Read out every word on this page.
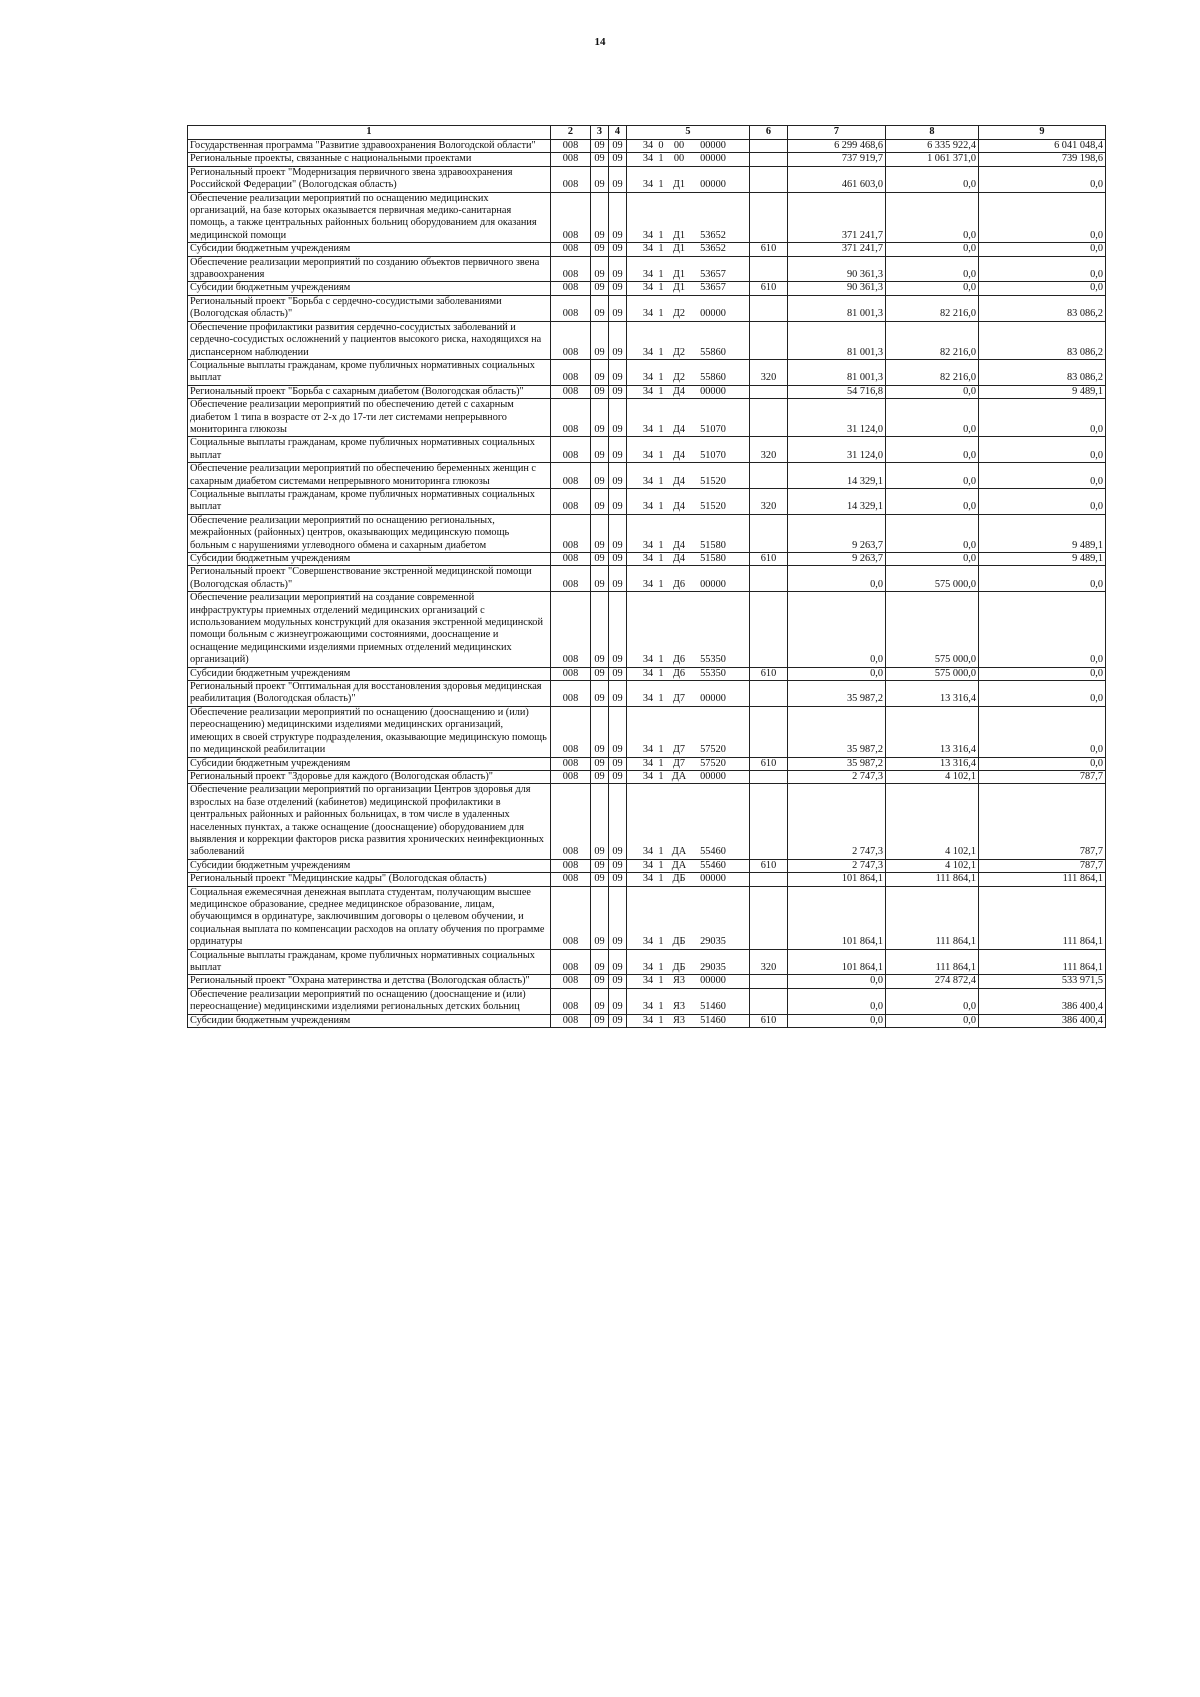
14
1	2	3	4	5	6	7	8	9
Государственная программа "Развитие здравоохранения Вологодской области"	008	09	09	34 0 00 00000		6 299 468,6	6 335 922,4	6 041 048,4
Региональные проекты, связанные с национальными проектами	008	09	09	34 1 00 00000		737 919,7	1 061 371,0	739 198,6
Региональный проект "Модернизация первичного звена здравоохранения Российской Федерации" (Вологодская область)	008	09	09	34 1 Д1 00000		461 603,0	0,0	0,0
Обеспечение реализации мероприятий по оснащению медицинских организаций, на базе которых оказывается первичная медико-санитарная помощь, а также центральных районных больниц оборудованием для оказания медицинской помощи	008	09	09	34 1 Д1 53652		371 241,7	0,0	0,0
Субсидии бюджетным учреждениям	008	09	09	34 1 Д1 53652	610	371 241,7	0,0	0,0
Обеспечение реализации мероприятий по созданию объектов первичного звена здравоохранения	008	09	09	34 1 Д1 53657		90 361,3	0,0	0,0
Субсидии бюджетным учреждениям	008	09	09	34 1 Д1 53657	610	90 361,3	0,0	0,0
Региональный проект "Борьба с сердечно-сосудистыми заболеваниями (Вологодская область)"	008	09	09	34 1 Д2 00000		81 001,3	82 216,0	83 086,2
Обеспечение профилактики развития сердечно-сосудистых заболеваний и сердечно-сосудистых осложнений у пациентов высокого риска, находящихся на диспансерном наблюдении	008	09	09	34 1 Д2 55860		81 001,3	82 216,0	83 086,2
Социальные выплаты гражданам, кроме публичных нормативных социальных выплат	008	09	09	34 1 Д2 55860	320	81 001,3	82 216,0	83 086,2
Региональный проект "Борьба с сахарным диабетом (Вологодская область)"	008	09	09	34 1 Д4 00000		54 716,8	0,0	9 489,1
Обеспечение реализации мероприятий по обеспечению детей с сахарным диабетом 1 типа в возрасте от 2-х до 17-ти лет системами непрерывного мониторинга глюкозы	008	09	09	34 1 Д4 51070		31 124,0	0,0	0,0
Социальные выплаты гражданам, кроме публичных нормативных социальных выплат	008	09	09	34 1 Д4 51070	320	31 124,0	0,0	0,0
Обеспечение реализации мероприятий по обеспечению беременных женщин с сахарным диабетом системами непрерывного мониторинга глюкозы	008	09	09	34 1 Д4 51520		14 329,1	0,0	0,0
Социальные выплаты гражданам, кроме публичных нормативных социальных выплат	008	09	09	34 1 Д4 51520	320	14 329,1	0,0	0,0
Обеспечение реализации мероприятий по оснащению региональных, межрайонных (районных) центров, оказывающих медицинскую помощь больным с нарушениями углеводного обмена и сахарным диабетом	008	09	09	34 1 Д4 51580		9 263,7	0,0	9 489,1
Субсидии бюджетным учреждениям	008	09	09	34 1 Д4 51580	610	9 263,7	0,0	9 489,1
Региональный проект "Совершенствование экстренной медицинской помощи (Вологодская область)"	008	09	09	34 1 Д6 00000		0,0	575 000,0	0,0
Обеспечение реализации мероприятий на создание современной инфраструктуры приемных отделений медицинских организаций с использованием модульных конструкций для оказания экстренной медицинской помощи больным с жизнеугрожающими состояниями, дооснащение и оснащение медицинскими изделиями приемных отделений медицинских организаций)	008	09	09	34 1 Д6 55350		0,0	575 000,0	0,0
Субсидии бюджетным учреждениям	008	09	09	34 1 Д6 55350	610	0,0	575 000,0	0,0
Региональный проект "Оптимальная для восстановления здоровья медицинская реабилитация (Вологодская область)"	008	09	09	34 1 Д7 00000		35 987,2	13 316,4	0,0
Обеспечение реализации мероприятий по оснащению (дооснащению и (или) переоснащению) медицинскими изделиями медицинских организаций, имеющих в своей структуре подразделения, оказывающие медицинскую помощь по медицинской реабилитации	008	09	09	34 1 Д7 57520		35 987,2	13 316,4	0,0
Субсидии бюджетным учреждениям	008	09	09	34 1 Д7 57520	610	35 987,2	13 316,4	0,0
Региональный проект "Здоровье для каждого (Вологодская область)"	008	09	09	34 1 ДА 00000		2 747,3	4 102,1	787,7
Обеспечение реализации мероприятий по организации Центров здоровья для взрослых на базе отделений (кабинетов) медицинской профилактики в центральных районных и районных больницах, в том числе в удаленных населенных пунктах, а также оснащение (дооснащение) оборудованием для выявления и коррекции факторов риска развития хронических неинфекционных заболеваний	008	09	09	34 1 ДА 55460		2 747,3	4 102,1	787,7
Субсидии бюджетным учреждениям	008	09	09	34 1 ДА 55460	610	2 747,3	4 102,1	787,7
Региональный проект "Медицинские кадры" (Вологодская область)	008	09	09	34 1 ДБ 00000		101 864,1	111 864,1	111 864,1
Социальная ежемесячная денежная выплата студентам, получающим высшее медицинское образование, среднее медицинское образование, лицам, обучающимся в ординатуре, заключившим договоры о целевом обучении, и социальная выплата по компенсации расходов на оплату обучения по программе ординатуры	008	09	09	34 1 ДБ 29035		101 864,1	111 864,1	111 864,1
Социальные выплаты гражданам, кроме публичных нормативных социальных выплат	008	09	09	34 1 ДБ 29035	320	101 864,1	111 864,1	111 864,1
Региональный проект "Охрана материнства и детства (Вологодская область)"	008	09	09	34 1 Я3 00000		0,0	274 872,4	533 971,5
Обеспечение реализации мероприятий по оснащению (дооснащение и (или) переоснащение) медицинскими изделиями региональных детских больниц	008	09	09	34 1 Я3 51460		0,0	0,0	386 400,4
Субсидии бюджетным учреждениям	008	09	09	34 1 Я3 51460	610	0,0	0,0	386 400,4
